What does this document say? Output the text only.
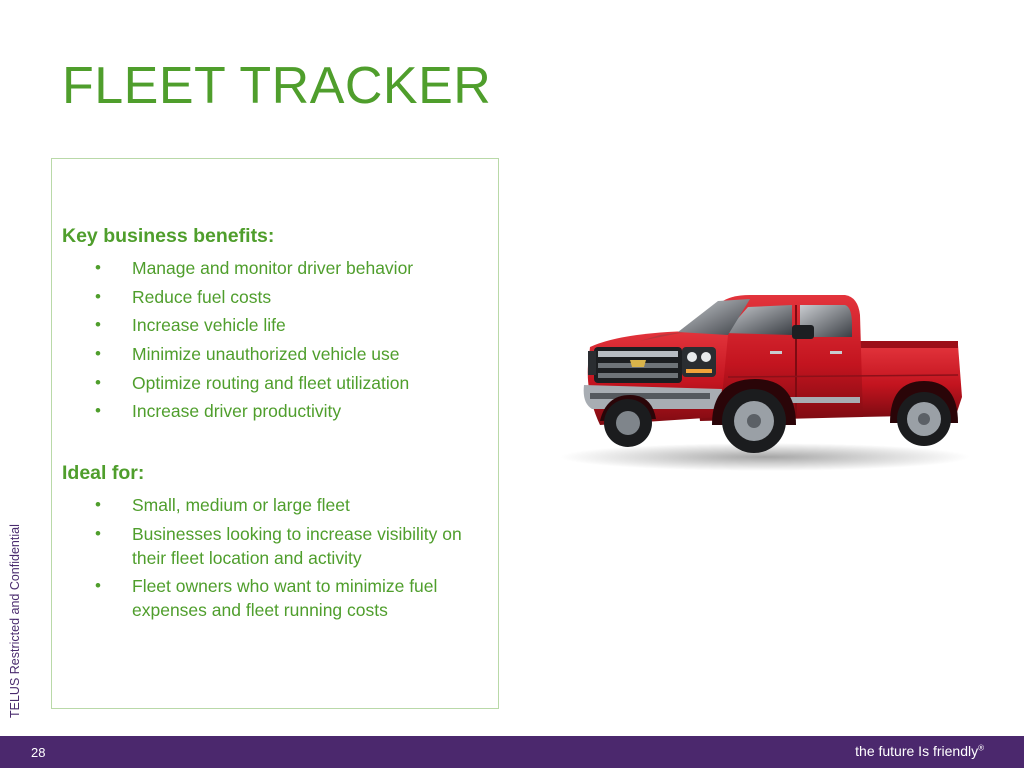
FLEET TRACKER
Key business benefits:
• Manage and monitor driver behavior
• Reduce fuel costs
• Increase vehicle life
• Minimize unauthorized vehicle use
• Optimize routing and fleet utilization
• Increase driver productivity
Ideal for:
• Small, medium or large fleet
• Businesses looking to increase visibility on their fleet location and activity
• Fleet owners who want to minimize fuel expenses and fleet running costs
TELUS Restricted and Confidential
28	the future Is friendly®
